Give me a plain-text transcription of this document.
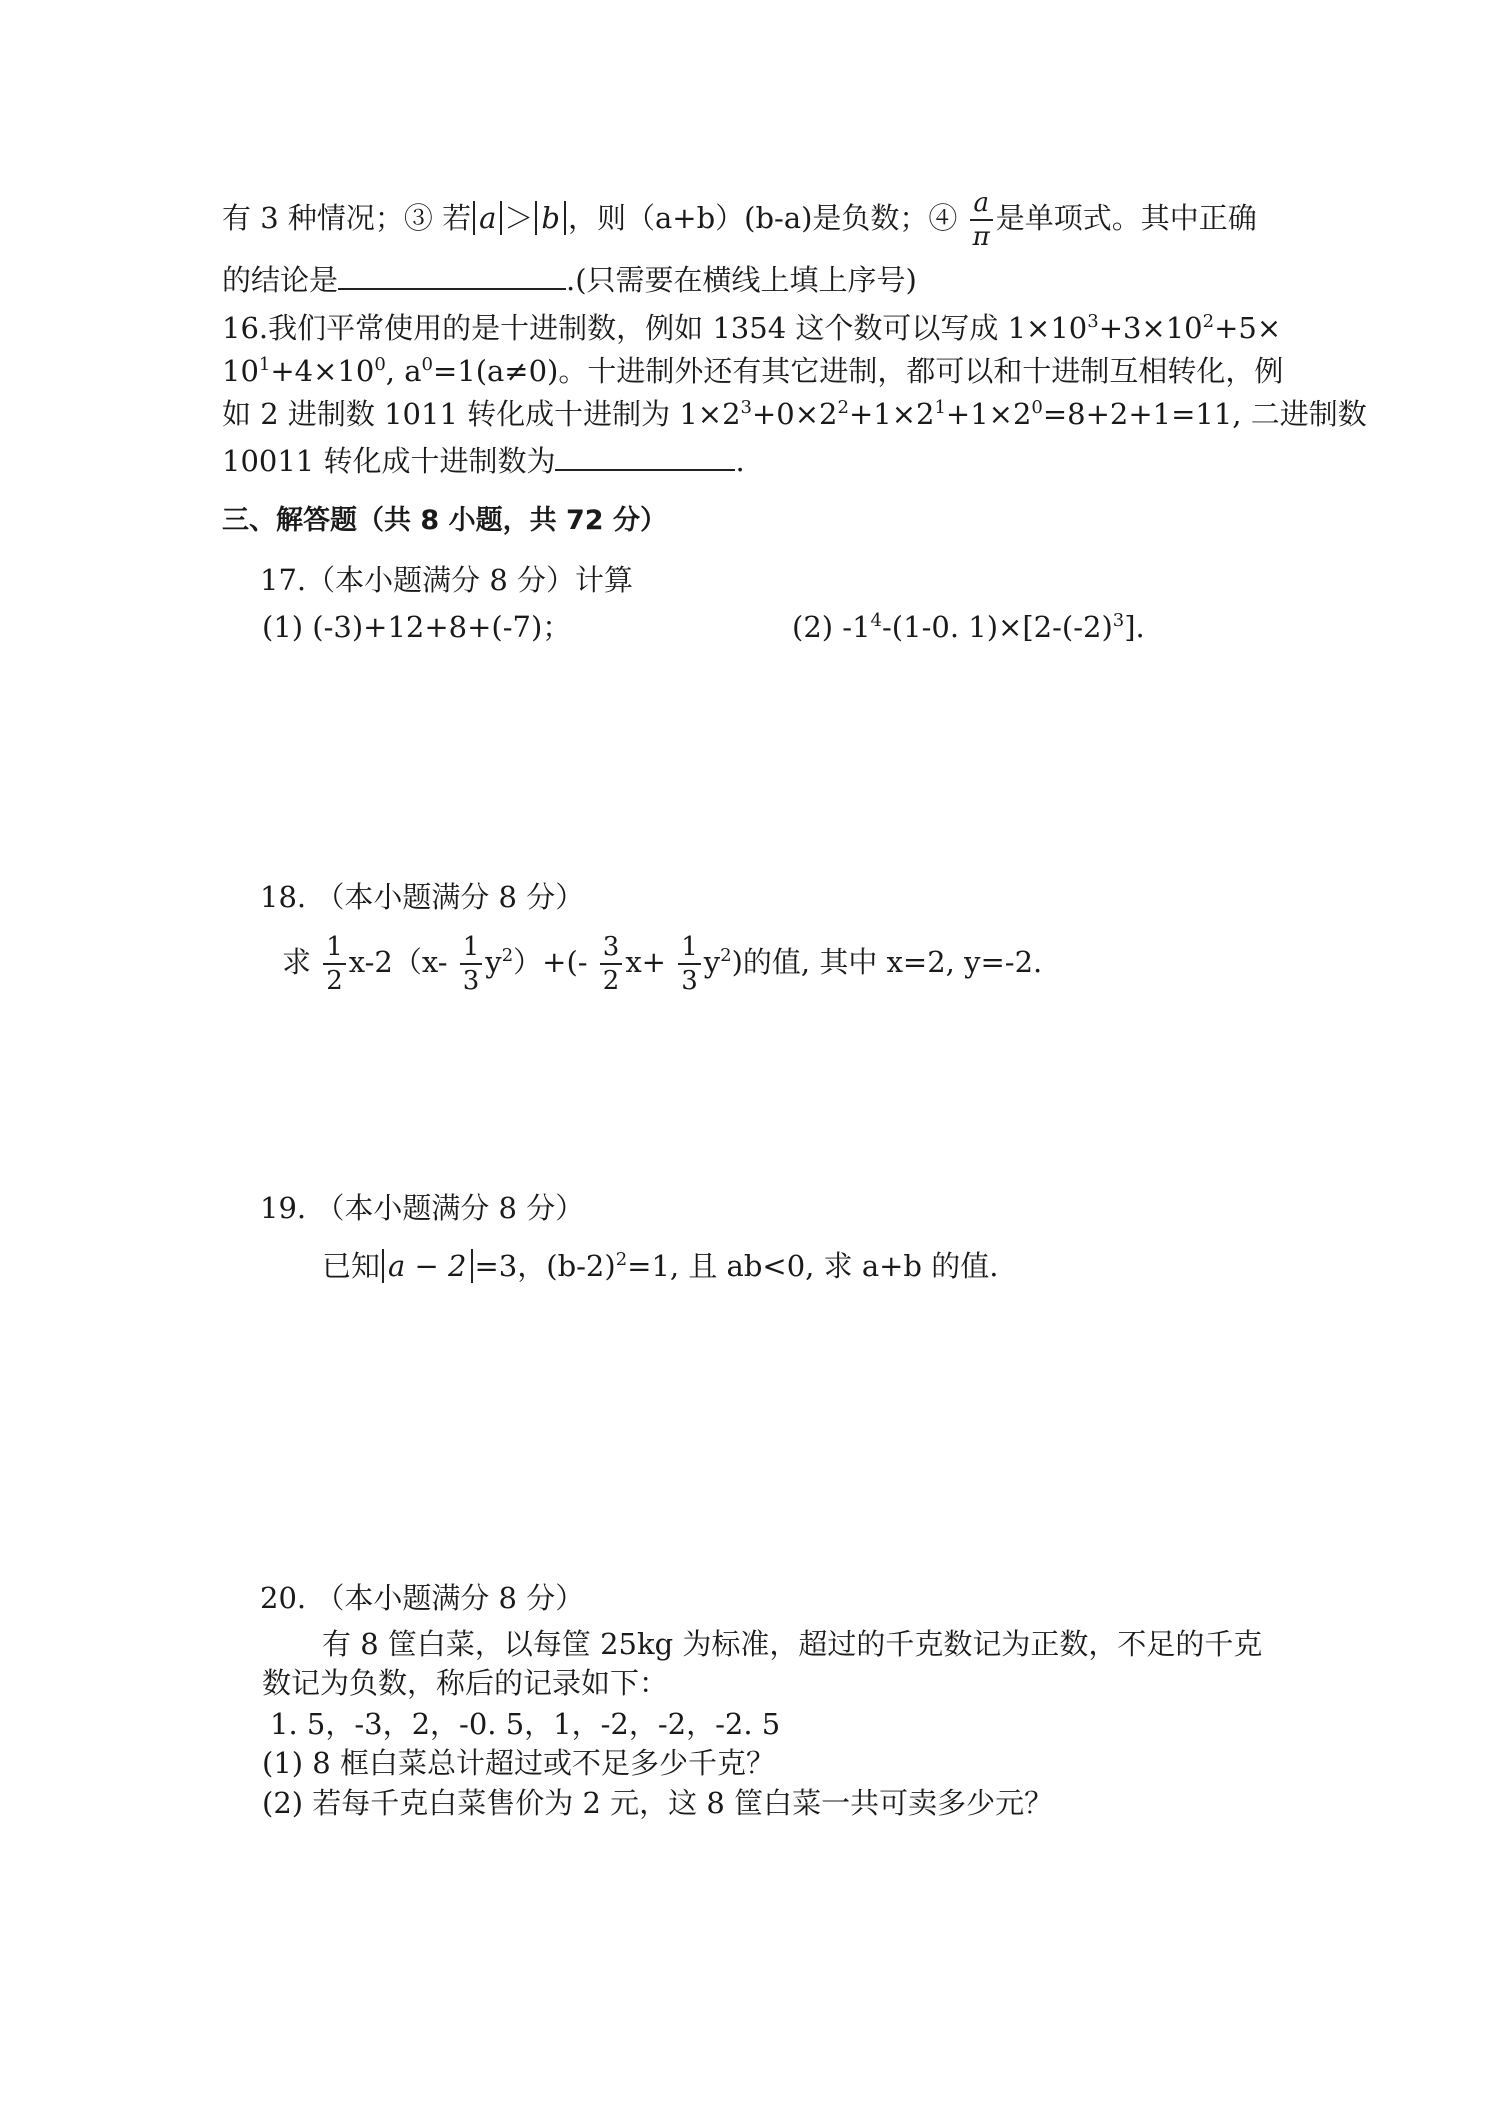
有 3 种情况；③ 若 a ＞ b ，则（a+b）(b-a)是负数；④ $\frac{a}{\pi}$ 是单项式。其中正确
的结论是	.(只需要在横线上填上序号)
16.我们平常使用的是十进制数，例如 1354 这个数可以写成 $1\times 10^3+3\times 10^2+5\times$
$10^1+4\times 10^0$, $a^0=1(a\ne 0)$。十进制外还有其它进制，都可以和十进制互相转化，例
如 2 进制数 1011 转化成十进制为 $1\times 2^3+0\times 2^2+1\times 2^1+1\times 2^0=8+2+1=11$, 二进制数
10011 转化成十进制数为	.
三、解答题（共 8 小题，共 72 分）
17.（本小题满分 8 分）计算
(1) (-3)+12+8+(-7)；	(2) $-1^4-(1-0$. $1)\times[2-(-2)^3]$.
18. （本小题满分 8 分）
求 $\frac{1}{2} x-2(x- \frac{1}{3} y^2)+(- \frac{3}{2} x+ \frac{1}{3} y^2)$的值, 其中 x=2, y=-2.
19. （本小题满分 8 分）
已知 a − 2 =3，$(b-2)^2=1$, 且 ab<0, 求 a+b 的值.
20. （本小题满分 8 分）
有 8 筐白菜，以每筐 25kg 为标准，超过的千克数记为正数，不足的千克
数记为负数，称后的记录如下：
1. 5，-3，2，-0. 5，1，-2，-2，-2. 5
(1) 8 框白菜总计超过或不足多少千克？
(2) 若每千克白菜售价为 2 元，这 8 筐白菜一共可卖多少元？
